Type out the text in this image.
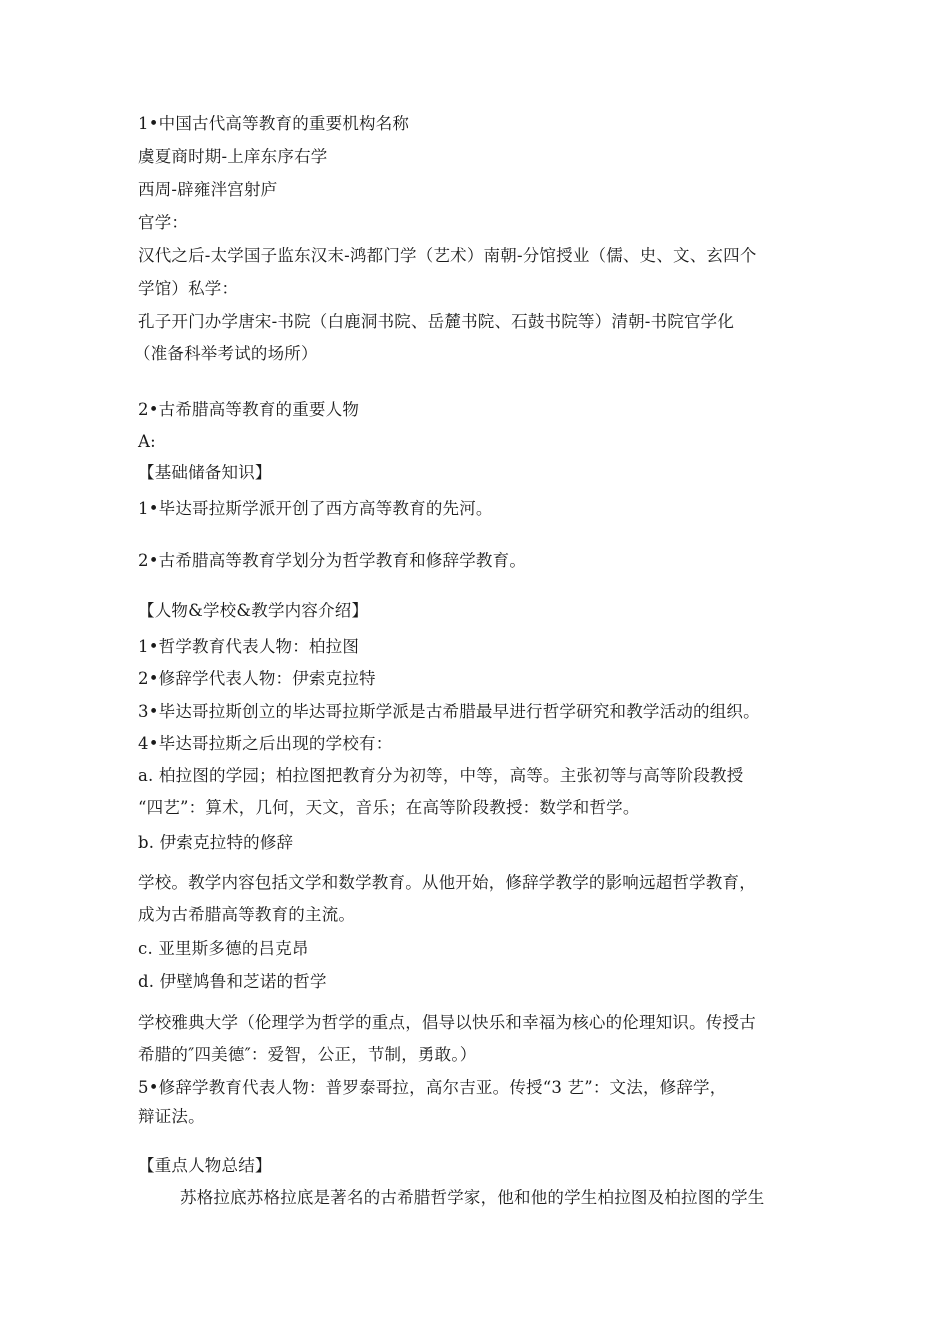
1•中国古代高等教育的重要机构名称
虞夏商时期-上庠东序右学
西周-辟雍泮宫射庐
官学：
汉代之后-太学国子监东汉末-鸿都门学（艺术）南朝-分馆授业（儒、史、文、玄四个
学馆）私学：
孔子开门办学唐宋-书院（白鹿洞书院、岳麓书院、石鼓书院等）清朝-书院官学化
（准备科举考试的场所）
2•古希腊高等教育的重要人物
A:
【基础储备知识】
1•毕达哥拉斯学派开创了西方高等教育的先河。
2•古希腊高等教育学划分为哲学教育和修辞学教育。
【人物&学校&教学内容介绍】
1•哲学教育代表人物：柏拉图
2•修辞学代表人物：伊索克拉特
3•毕达哥拉斯创立的毕达哥拉斯学派是古希腊最早进行哲学研究和教学活动的组织。
4•毕达哥拉斯之后出现的学校有：
a. 柏拉图的学园；柏拉图把教育分为初等，中等，高等。主张初等与高等阶段教授
“四艺”：算术，几何，天文，音乐；在高等阶段教授：数学和哲学。
b. 伊索克拉特的修辞
学校。教学内容包括文学和数学教育。从他开始，修辞学教学的影响远超哲学教育，
成为古希腊高等教育的主流。
c. 亚里斯多德的吕克昂
d. 伊壁鸠鲁和芝诺的哲学
学校雅典大学（伦理学为哲学的重点，倡导以快乐和幸福为核心的伦理知识。传授古
希腊的″四美德″：爱智，公正，节制，勇敢。）
5•修辞学教育代表人物：普罗泰哥拉，高尔吉亚。传授“3 艺”：文法，修辞学，
辩证法。
【重点人物总结】
苏格拉底苏格拉底是著名的古希腊哲学家，他和他的学生柏拉图及柏拉图的学生
